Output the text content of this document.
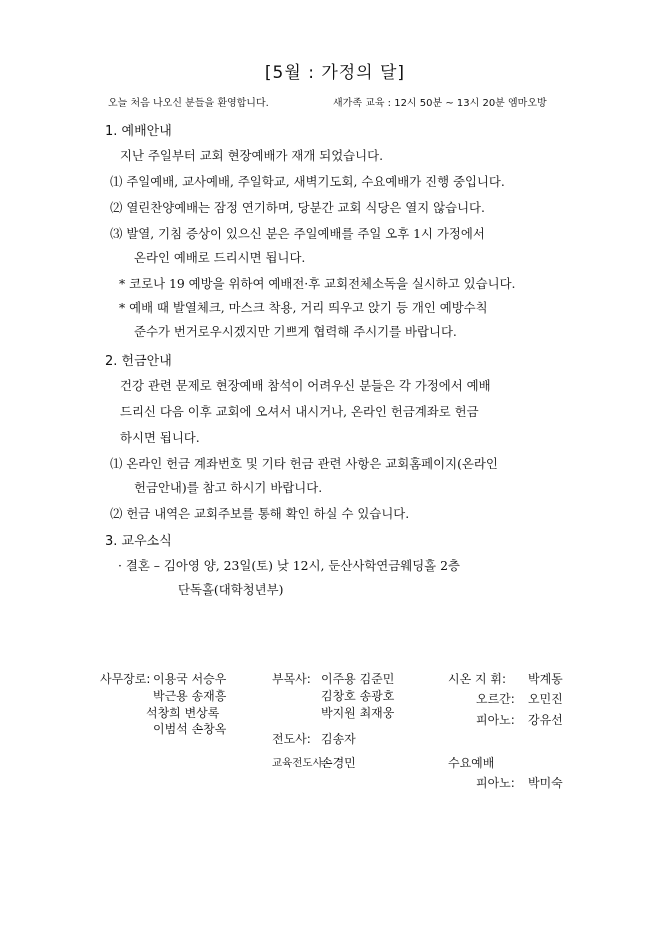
[5월 : 가정의 달]
오늘 처음 나오신 분들을 환영합니다.	새가족 교육 : 12시 50분 ~ 13시 20분 엠마오방
1. 예배안내
지난 주일부터 교회 현장예배가 재개 되었습니다.
⑴ 주일예배, 교사예배, 주일학교, 새벽기도회, 수요예배가 진행 중입니다.
⑵ 열린찬양예배는 잠정 연기하며, 당분간 교회 식당은 열지 않습니다.
⑶ 발열, 기침 증상이 있으신 분은 주일예배를 주일 오후 1시 가정에서
온라인 예배로 드리시면 됩니다.
* 코로나 19 예방을 위하여 예배전·후 교회전체소독을 실시하고 있습니다.
* 예배 때 발열체크, 마스크 착용, 거리 띄우고 앉기 등 개인 예방수칙
준수가 번거로우시겠지만 기쁘게 협력해 주시기를 바랍니다.
2. 헌금안내
건강 관련 문제로 현장예배 참석이 어려우신 분들은 각 가정에서 예배
드리신 다음 이후 교회에 오셔서 내시거나, 온라인 헌금계좌로 헌금
하시면 됩니다.
⑴ 온라인 헌금 계좌번호 및 기타 헌금 관련 사항은 교회홈페이지(온라인
헌금안내)를 참고 하시기 바랍니다.
⑵ 헌금 내역은 교회주보를 통해 확인 하실 수 있습니다.
3. 교우소식
· 결혼 – 김아영 양, 23일(토) 낮 12시, 둔산사학연금웨딩홀 2층
단독홀(대학청년부)
사무장로: 이용국 서승우
박근용 송재흥
석창희 변상록
이범석 손창옥
부목사: 이주용 김준민
김창호 송광호
박지원 최재웅
전도사: 김송자
교육전도사:
손경민
시온 지 휘: 박계동
오르간: 오민진
피아노: 강유선
수요예배
피아노: 박미숙
